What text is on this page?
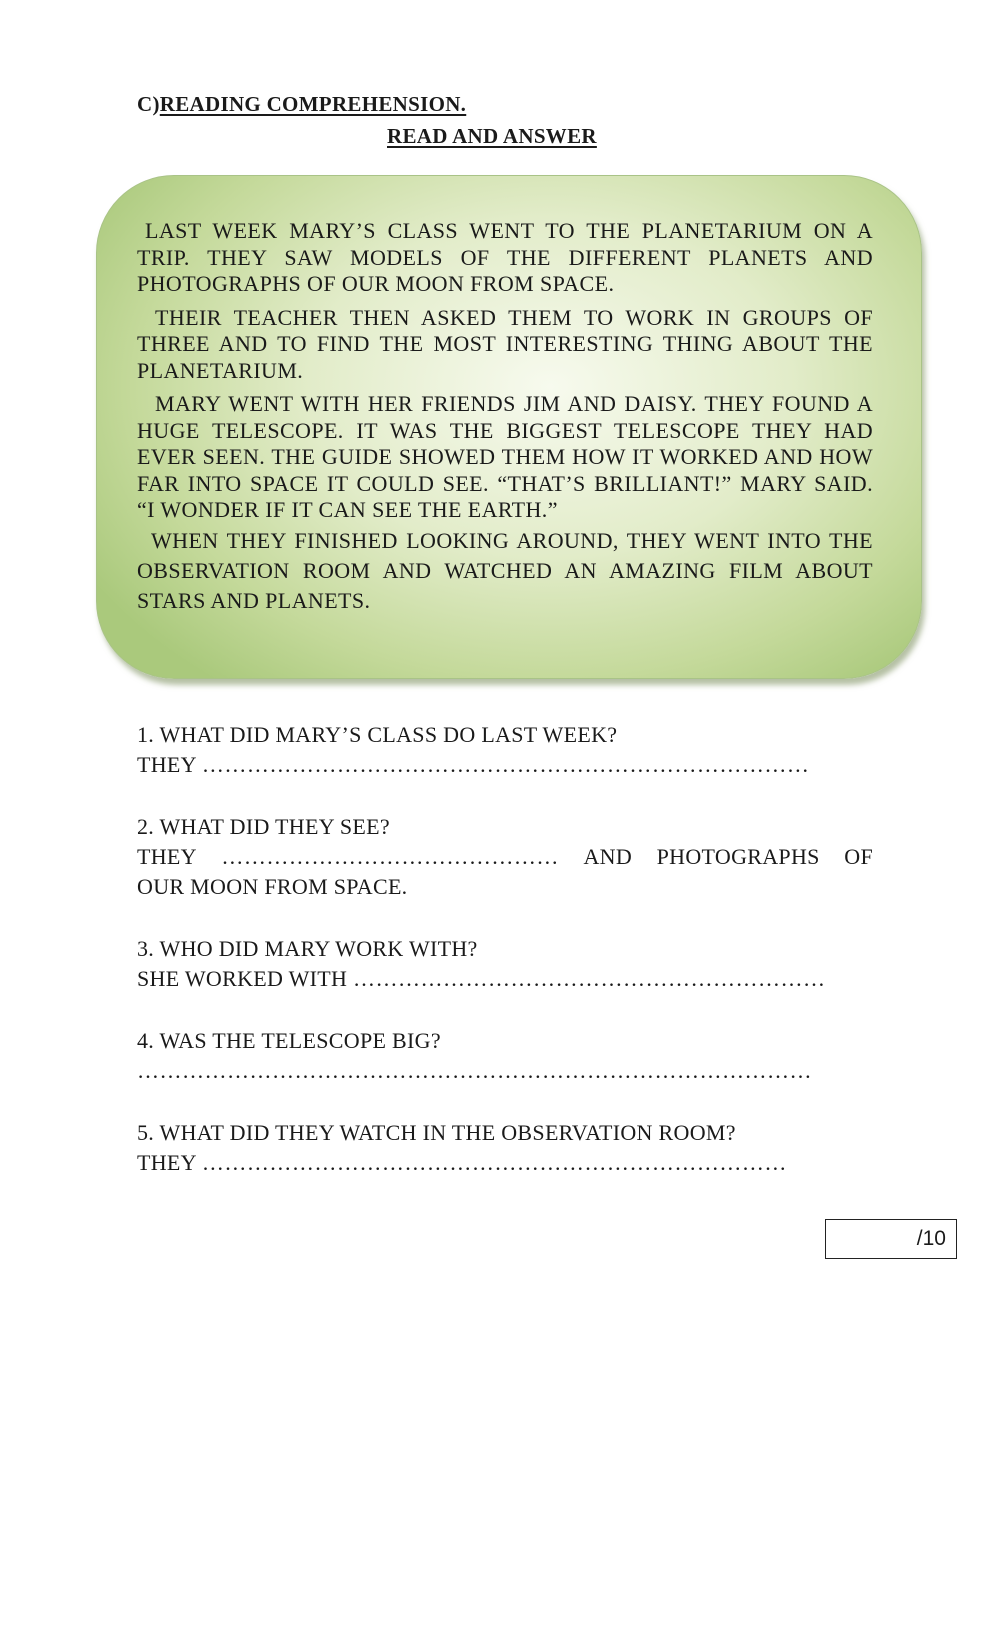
C)READING COMPREHENSION.
READ AND ANSWER

LAST WEEK MARY’S CLASS WENT TO THE PLANETARIUM ON A TRIP. THEY SAW MODELS OF THE DIFFERENT PLANETS AND PHOTOGRAPHS OF OUR MOON FROM SPACE.

THEIR TEACHER THEN ASKED THEM TO WORK IN GROUPS OF THREE AND TO FIND THE MOST INTERESTING THING ABOUT THE PLANETARIUM.

MARY WENT WITH HER FRIENDS JIM AND DAISY. THEY FOUND A HUGE TELESCOPE. IT WAS THE BIGGEST TELESCOPE THEY HAD EVER SEEN. THE GUIDE SHOWED THEM HOW IT WORKED AND HOW FAR INTO SPACE IT COULD SEE. “THAT’S BRILLIANT!” MARY SAID. “I WONDER IF IT CAN SEE THE EARTH.”

WHEN THEY FINISHED LOOKING AROUND, THEY WENT INTO THE OBSERVATION ROOM AND WATCHED AN AMAZING FILM ABOUT STARS AND PLANETS.

1. WHAT DID MARY’S CLASS DO LAST WEEK?
THEY ………………………………………………………………………
2. WHAT DID THEY SEE?
THEY ……………………………………… AND PHOTOGRAPHS OF
OUR MOON FROM SPACE.
3. WHO DID MARY WORK WITH?
SHE WORKED WITH ………………………………………………………
4. WAS THE TELESCOPE BIG?
………………………………………………………………………………
5. WHAT DID THEY WATCH IN THE OBSERVATION ROOM?
THEY ……………………………………………………………………
/10
